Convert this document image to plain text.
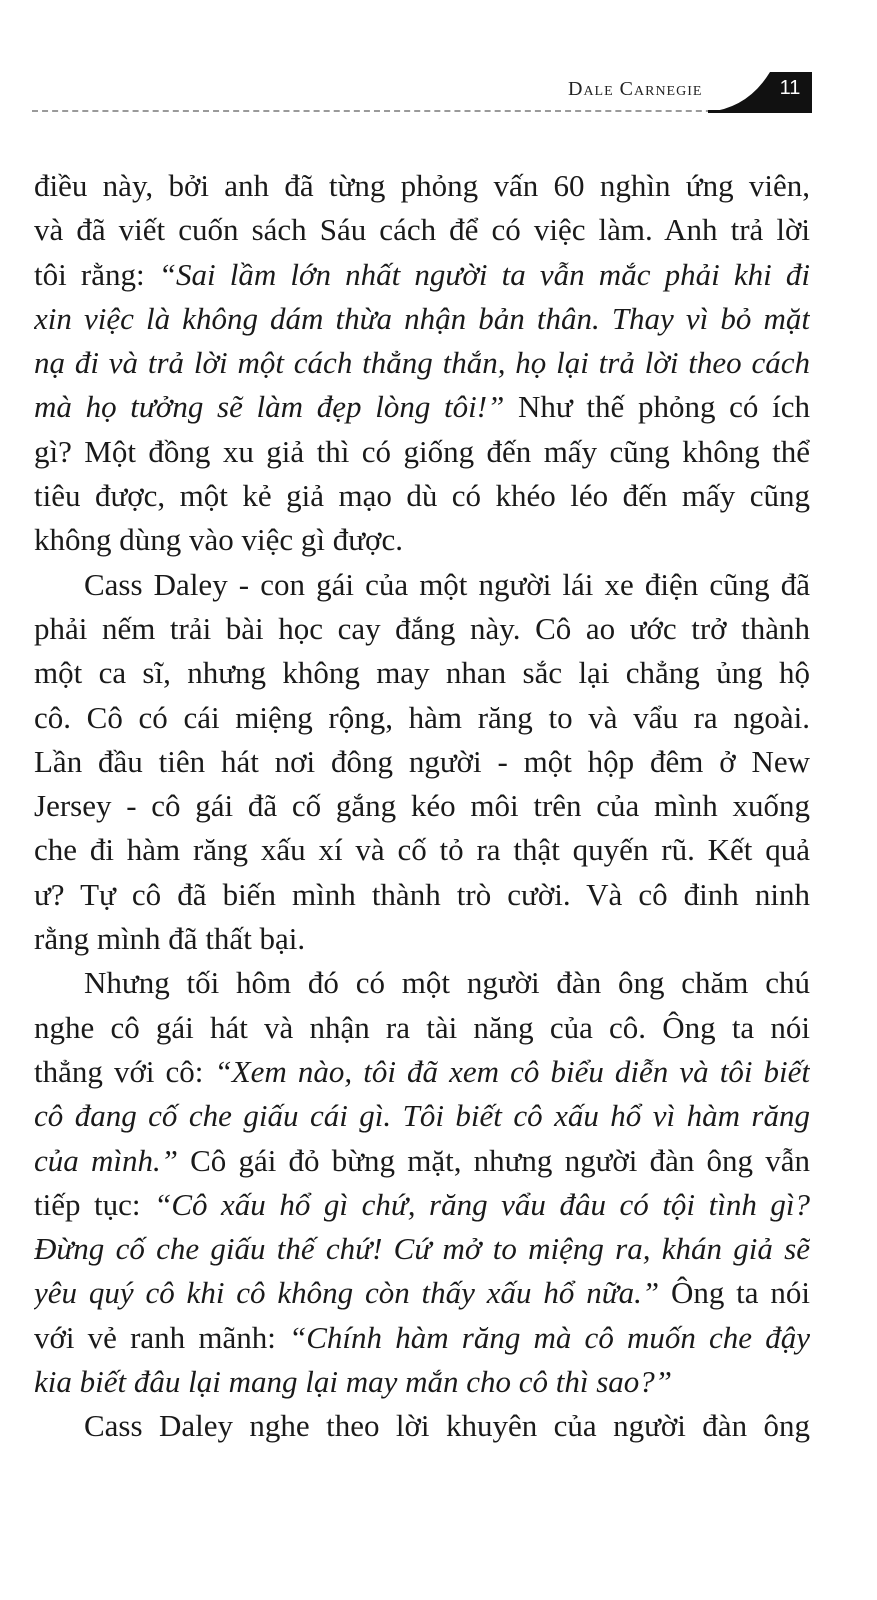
Dale Carnegie	11
điều này, bởi anh đã từng phỏng vấn 60 nghìn ứng viên,
và đã viết cuốn sách Sáu cách để có việc làm. Anh trả lời
tôi rằng: “Sai lầm lớn nhất người ta vẫn mắc phải khi đi
xin việc là không dám thừa nhận bản thân. Thay vì bỏ mặt
nạ đi và trả lời một cách thẳng thắn, họ lại trả lời theo cách
mà họ tưởng sẽ làm đẹp lòng tôi!” Như thế phỏng có ích
gì? Một đồng xu giả thì có giống đến mấy cũng không thể
tiêu được, một kẻ giả mạo dù có khéo léo đến mấy cũng
không dùng vào việc gì được.
Cass Daley - con gái của một người lái xe điện cũng đã
phải nếm trải bài học cay đắng này. Cô ao ước trở thành
một ca sĩ, nhưng không may nhan sắc lại chẳng ủng hộ
cô. Cô có cái miệng rộng, hàm răng to và vẩu ra ngoài.
Lần đầu tiên hát nơi đông người - một hộp đêm ở New
Jersey - cô gái đã cố gắng kéo môi trên của mình xuống
che đi hàm răng xấu xí và cố tỏ ra thật quyến rũ. Kết quả
ư? Tự cô đã biến mình thành trò cười. Và cô đinh ninh
rằng mình đã thất bại.
Nhưng tối hôm đó có một người đàn ông chăm chú
nghe cô gái hát và nhận ra tài năng của cô. Ông ta nói
thẳng với cô: “Xem nào, tôi đã xem cô biểu diễn và tôi biết
cô đang cố che giấu cái gì. Tôi biết cô xấu hổ vì hàm răng
của mình.” Cô gái đỏ bừng mặt, nhưng người đàn ông vẫn
tiếp tục: “Cô xấu hổ gì chứ, răng vẩu đâu có tội tình gì?
Đừng cố che giấu thế chứ! Cứ mở to miệng ra, khán giả sẽ
yêu quý cô khi cô không còn thấy xấu hổ nữa.” Ông ta nói
với vẻ ranh mãnh: “Chính hàm răng mà cô muốn che đậy
kia biết đâu lại mang lại may mắn cho cô thì sao?”
Cass Daley nghe theo lời khuyên của người đàn ông
